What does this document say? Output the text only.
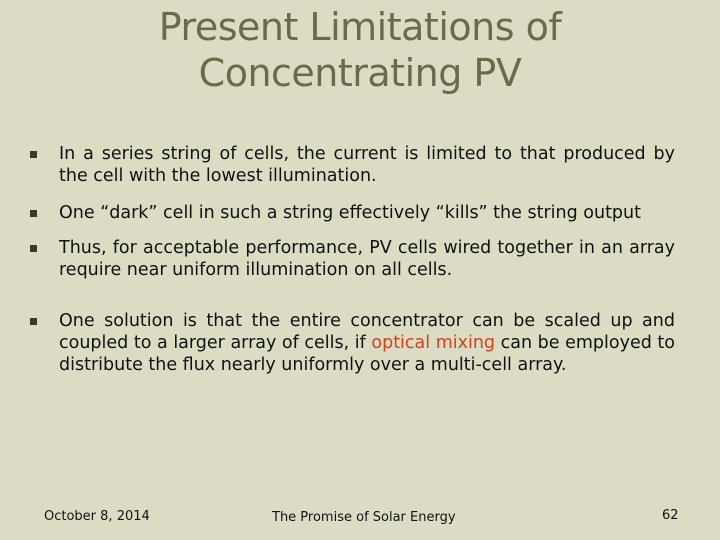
Present Limitations of
Concentrating PV
In a series string of cells, the current is limited to that produced by the cell with the lowest illumination.
One “dark” cell in such a string effectively “kills” the string output
Thus, for acceptable performance, PV cells wired together in an array require near uniform illumination on all cells.
One solution is that the entire concentrator can be scaled up and coupled to a larger array of cells, if optical mixing can be employed to distribute the flux nearly uniformly over a multi-cell array.
October 8, 2014	The Promise of Solar Energy	62
